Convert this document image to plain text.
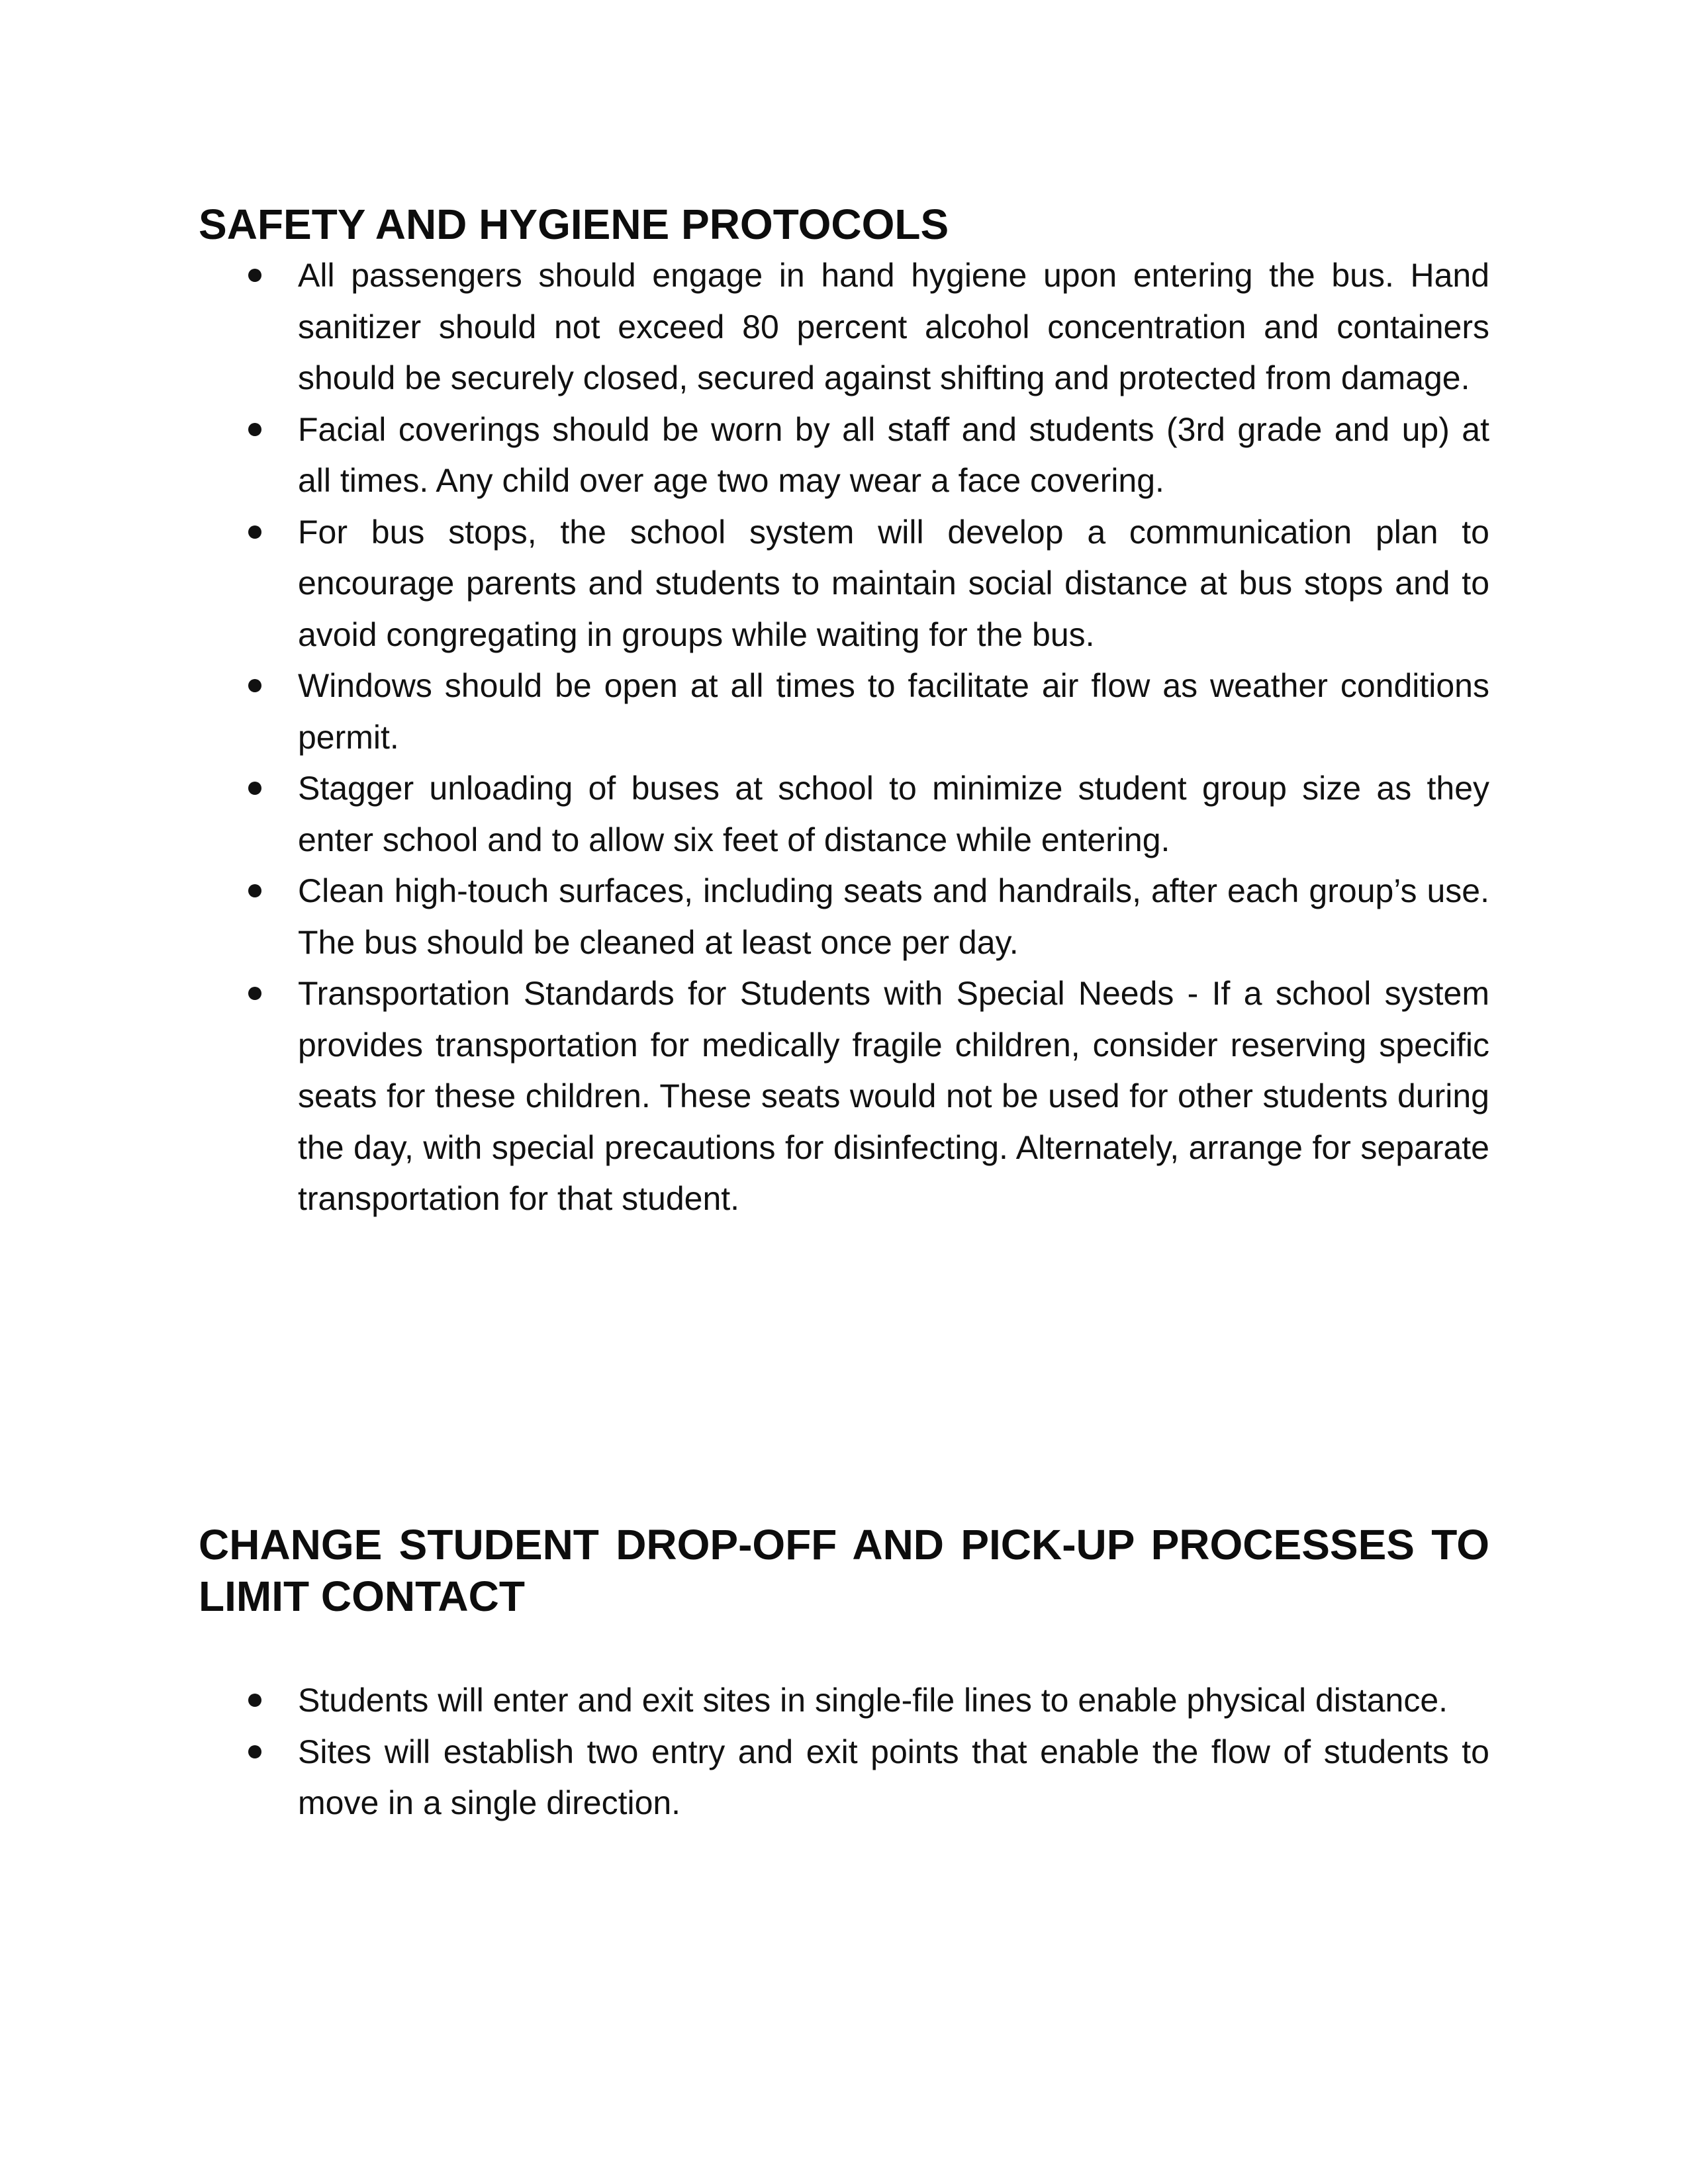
SAFETY AND HYGIENE PROTOCOLS
All passengers should engage in hand hygiene upon entering the bus. Hand sanitizer should not exceed 80 percent alcohol concentration and containers should be securely closed, secured against shifting and protected from damage.
Facial coverings should be worn by all staff and students (3rd grade and up) at all times. Any child over age two may wear a face covering.
For bus stops, the school system will develop a communication plan to encourage parents and students to maintain social distance at bus stops and to avoid congregating in groups while waiting for the bus.
Windows should be open at all times to facilitate air flow as weather conditions permit.
Stagger unloading of buses at school to minimize student group size as they enter school and to allow six feet of distance while entering.
Clean high-touch surfaces, including seats and handrails, after each group’s use. The bus should be cleaned at least once per day.
Transportation Standards for Students with Special Needs - If a school system provides transportation for medically fragile children, consider reserving specific seats for these children. These seats would not be used for other students during the day, with special precautions for disinfecting. Alternately, arrange for separate transportation for that student.
CHANGE STUDENT DROP-OFF AND PICK-UP PROCESSES TO LIMIT CONTACT
Students will enter and exit sites in single-file lines to enable physical distance.
Sites will establish two entry and exit points that enable the flow of students to move in a single direction.
